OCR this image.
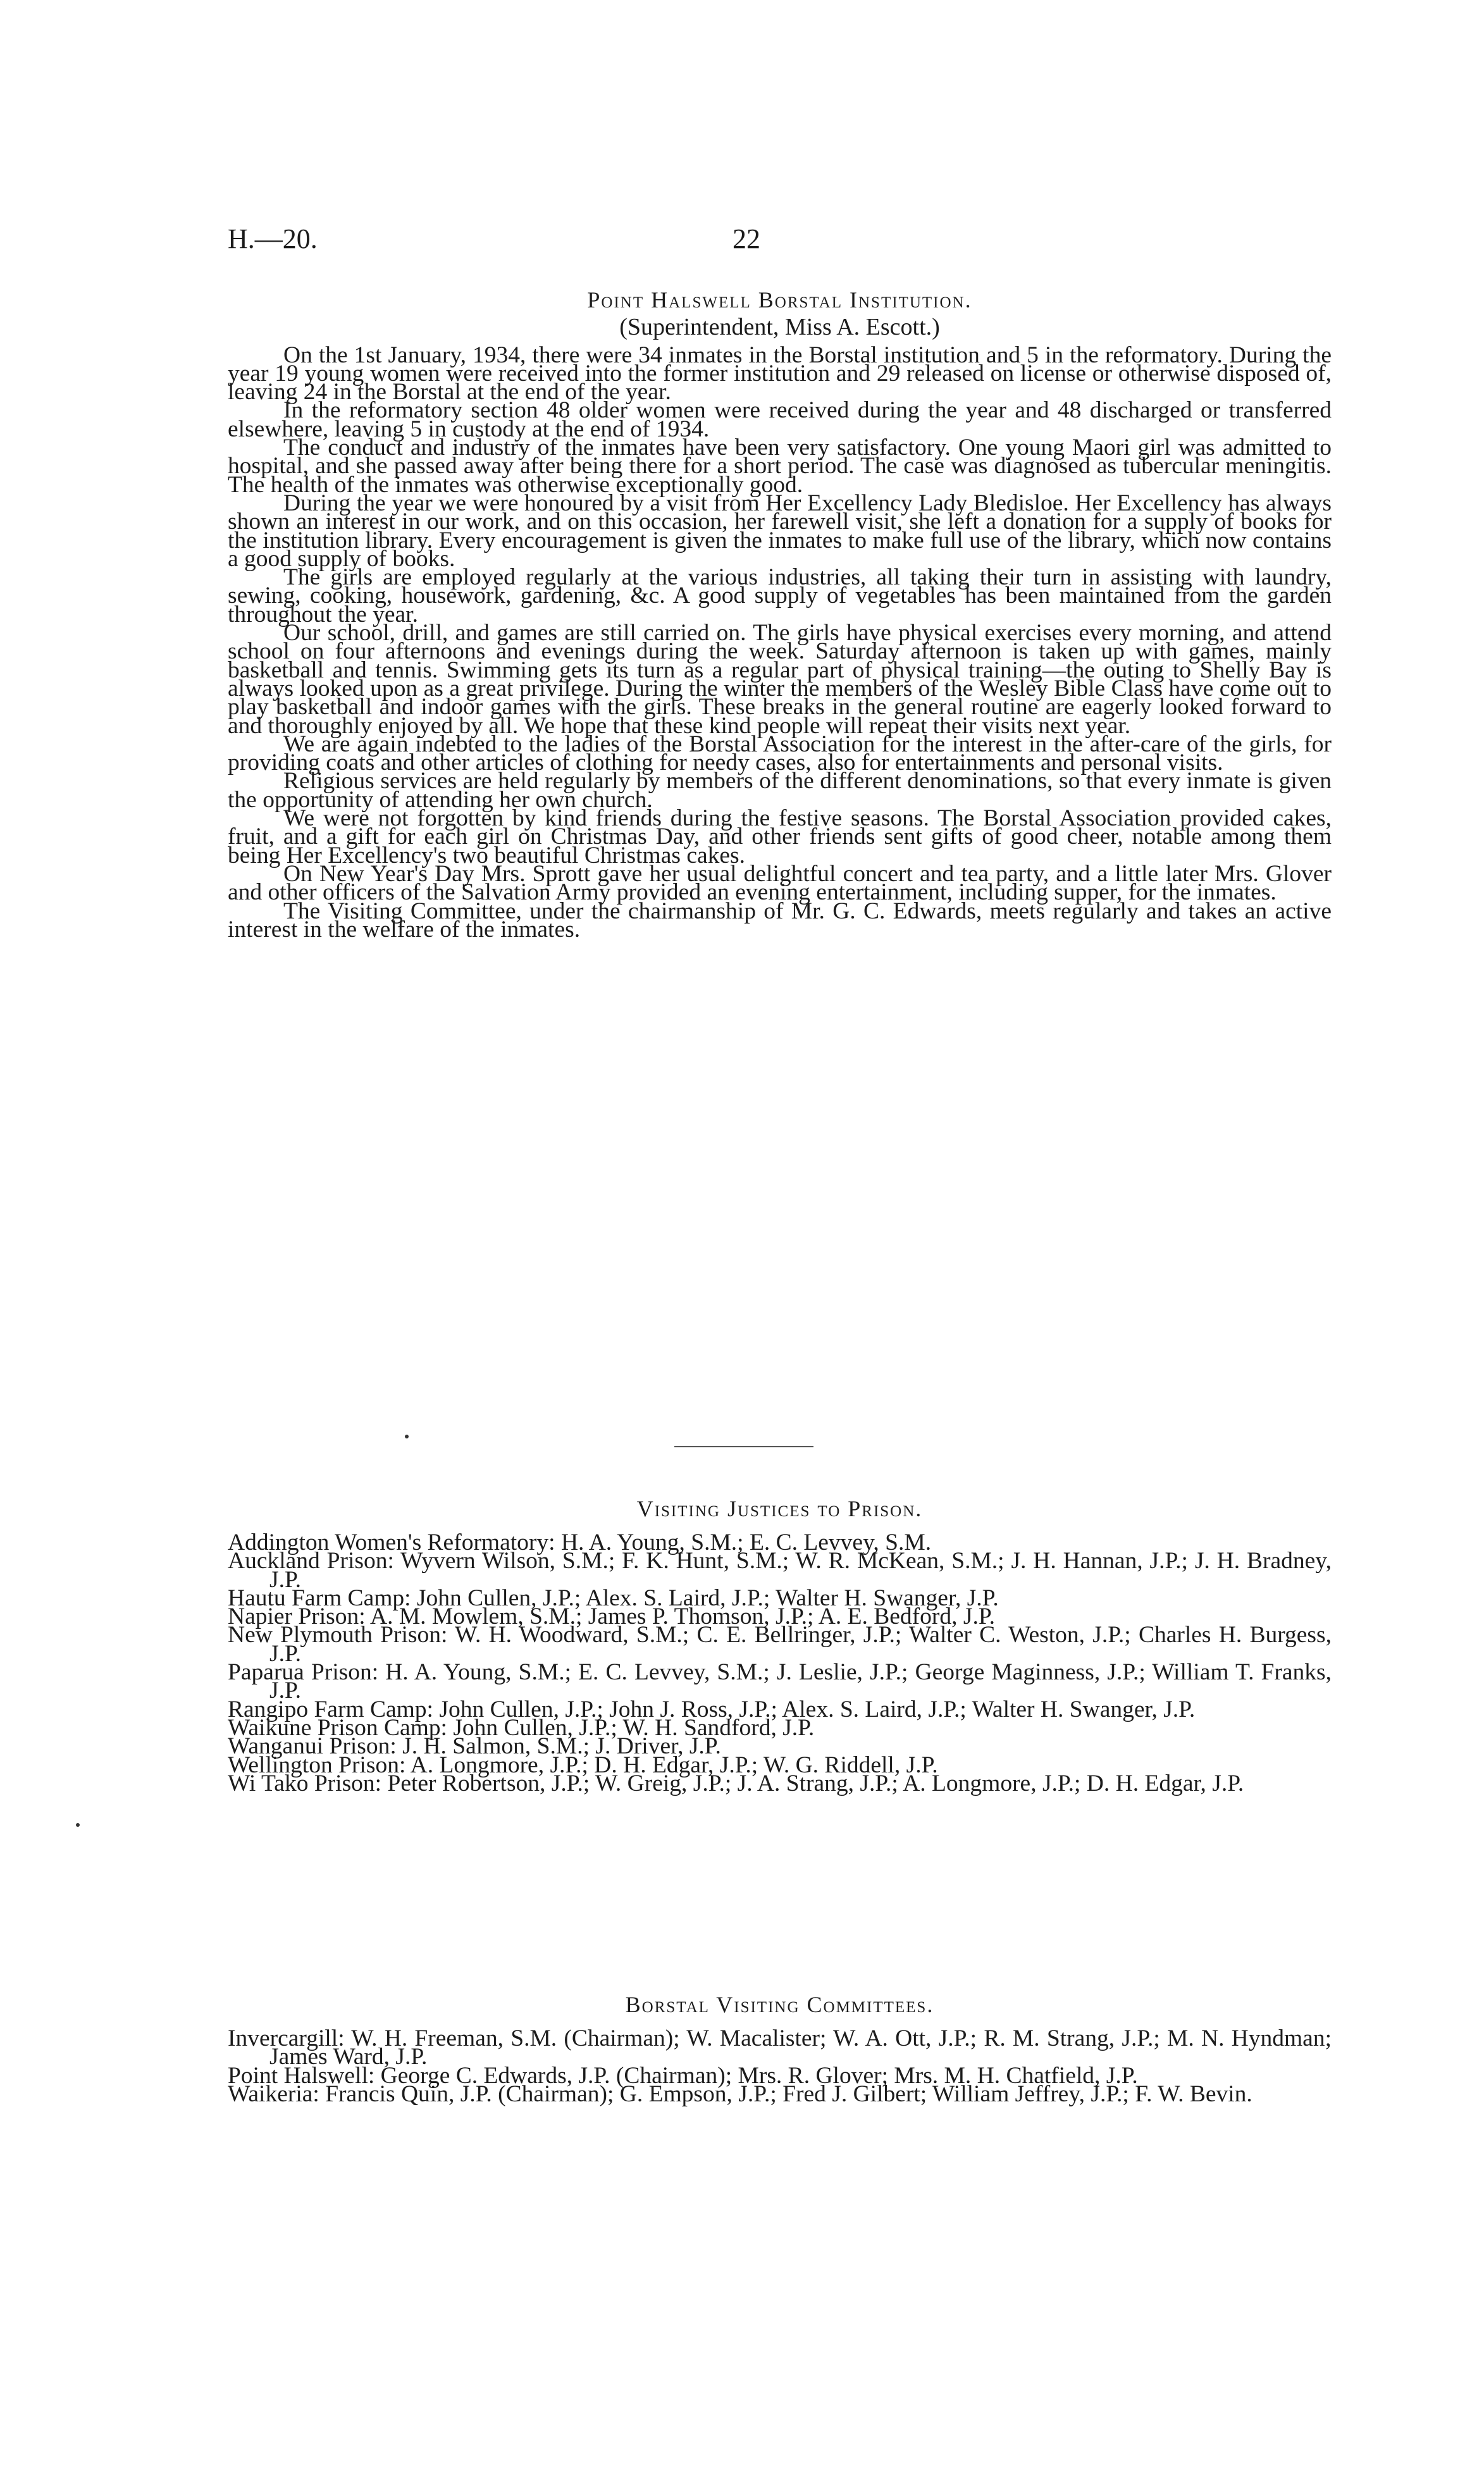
H.—20.	22
Point Halswell Borstal Institution.
(Superintendent, Miss A. Escott.)

On the 1st January, 1934, there were 34 inmates in the Borstal institution and 5 in the reformatory. During the year 19 young women were received into the former institution and 29 released on license or otherwise disposed of, leaving 24 in the Borstal at the end of the year.

In the reformatory section 48 older women were received during the year and 48 discharged or transferred elsewhere, leaving 5 in custody at the end of 1934.

The conduct and industry of the inmates have been very satisfactory. One young Maori girl was admitted to hospital, and she passed away after being there for a short period. The case was diagnosed as tubercular meningitis. The health of the inmates was otherwise exceptionally good.

During the year we were honoured by a visit from Her Excellency Lady Bledisloe. Her Excellency has always shown an interest in our work, and on this occasion, her farewell visit, she left a donation for a supply of books for the institution library. Every encouragement is given the inmates to make full use of the library, which now contains a good supply of books.

The girls are employed regularly at the various industries, all taking their turn in assisting with laundry, sewing, cooking, housework, gardening, &c. A good supply of vegetables has been maintained from the garden throughout the year.

Our school, drill, and games are still carried on. The girls have physical exercises every morning, and attend school on four afternoons and evenings during the week. Saturday afternoon is taken up with games, mainly basketball and tennis. Swimming gets its turn as a regular part of physical training—the outing to Shelly Bay is always looked upon as a great privilege. During the winter the members of the Wesley Bible Class have come out to play basketball and indoor games with the girls. These breaks in the general routine are eagerly looked forward to and thoroughly enjoyed by all. We hope that these kind people will repeat their visits next year.

We are again indebted to the ladies of the Borstal Association for the interest in the after-care of the girls, for providing coats and other articles of clothing for needy cases, also for entertainments and personal visits.

Religious services are held regularly by members of the different denominations, so that every inmate is given the opportunity of attending her own church.

We were not forgotten by kind friends during the festive seasons. The Borstal Association provided cakes, fruit, and a gift for each girl on Christmas Day, and other friends sent gifts of good cheer, notable among them being Her Excellency's two beautiful Christmas cakes.

On New Year's Day Mrs. Sprott gave her usual delightful concert and tea party, and a little later Mrs. Glover and other officers of the Salvation Army provided an evening entertainment, including supper, for the inmates.

The Visiting Committee, under the chairmanship of Mr. G. C. Edwards, meets regularly and takes an active interest in the welfare of the inmates.

Visiting Justices to Prison.

Addington Women's Reformatory: H. A. Young, S.M.; E. C. Levvey, S.M.

Auckland Prison: Wyvern Wilson, S.M.; F. K. Hunt, S.M.; W. R. McKean, S.M.; J. H. Hannan, J.P.; J. H. Bradney, J.P.

Hautu Farm Camp: John Cullen, J.P.; Alex. S. Laird, J.P.; Walter H. Swanger, J.P.

Napier Prison: A. M. Mowlem, S.M.; James P. Thomson, J.P.; A. E. Bedford, J.P.

New Plymouth Prison: W. H. Woodward, S.M.; C. E. Bellringer, J.P.; Walter C. Weston, J.P.; Charles H. Burgess, J.P.

Paparua Prison: H. A. Young, S.M.; E. C. Levvey, S.M.; J. Leslie, J.P.; George Maginness, J.P.; William T. Franks, J.P.

Rangipo Farm Camp: John Cullen, J.P.; John J. Ross, J.P.; Alex. S. Laird, J.P.; Walter H. Swanger, J.P.

Waikune Prison Camp: John Cullen, J.P.; W. H. Sandford, J.P.

Wanganui Prison: J. H. Salmon, S.M.; J. Driver, J.P.

Wellington Prison: A. Longmore, J.P.; D. H. Edgar, J.P.; W. G. Riddell, J.P.

Wi Tako Prison: Peter Robertson, J.P.; W. Greig, J.P.; J. A. Strang, J.P.; A. Longmore, J.P.; D. H. Edgar, J.P.

Borstal Visiting Committees.

Invercargill: W. H. Freeman, S.M. (Chairman); W. Macalister; W. A. Ott, J.P.; R. M. Strang, J.P.; M. N. Hyndman; James Ward, J.P.

Point Halswell: George C. Edwards, J.P. (Chairman); Mrs. R. Glover; Mrs. M. H. Chatfield, J.P.

Waikeria: Francis Quin, J.P. (Chairman); G. Empson, J.P.; Fred J. Gilbert; William Jeffrey, J.P.; F. W. Bevin.
